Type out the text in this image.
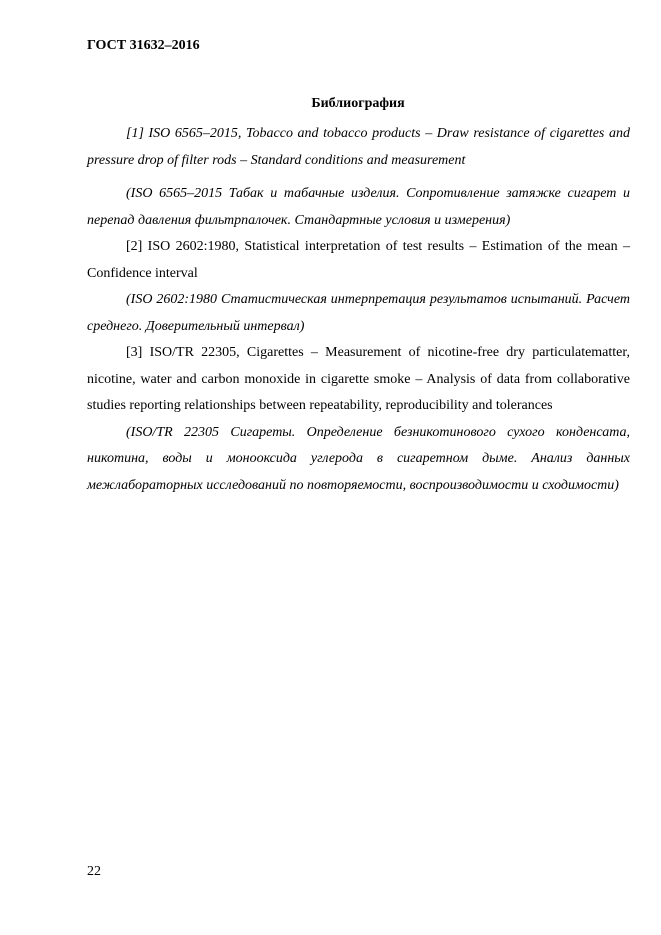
ГОСТ 31632–2016
Библиография

[1] ISO 6565–2015, Tobacco and tobacco products – Draw resistance of cigarettes and pressure drop of filter rods – Standard conditions and measurement

(ISO 6565–2015 Табак и табачные изделия. Сопротивление затяжке сигарет и перепад давления фильтрпалочек. Стандартные условия и измерения)

[2] ISO 2602:1980, Statistical interpretation of test results – Estimation of the mean – Confidence interval

(ISO 2602:1980 Статистическая интерпретация результатов испытаний. Расчет среднего. Доверительный интервал)

[3] ISO/TR 22305, Cigarettes – Measurement of nicotine-free dry particulatematter, nicotine, water and carbon monoxide in cigarette smoke – Analysis of data from collaborative studies reporting relationships between repeatability, reproducibility and tolerances

(ISO/TR 22305 Сигареты. Определение безникотинового сухого конденсата, никотина, воды и монооксида углерода в сигаретном дыме. Анализ данных межлабораторных исследований по повторяемости, воспроизводимости и сходимости)

22
